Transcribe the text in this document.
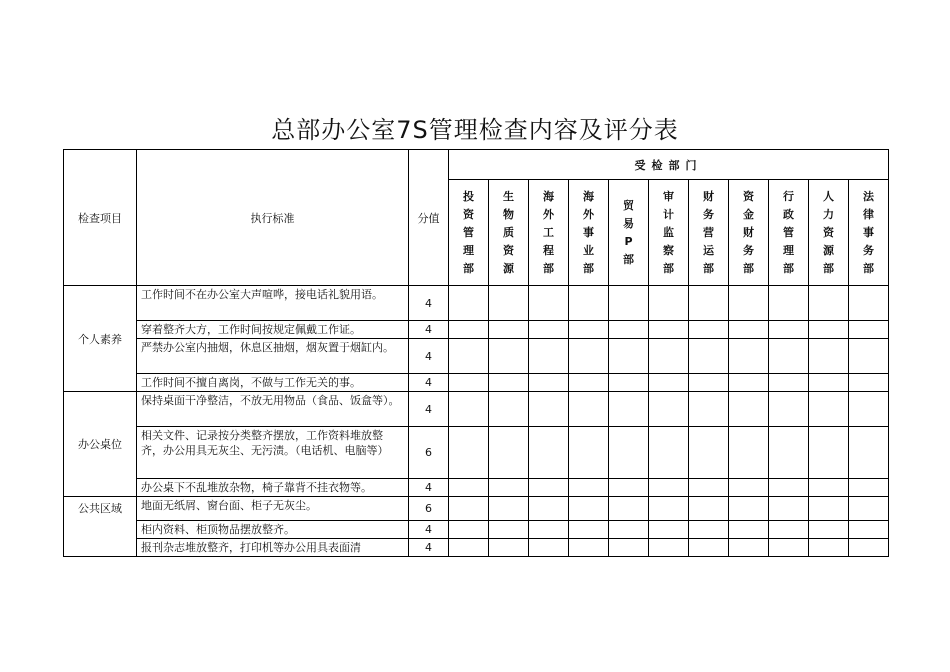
总部办公室7S管理检查内容及评分表
检查项目	执行标准	分值	受检部门										
			投资管理部	生物质资源	海外工程部	海外事业部	贸易P部	审计监察部	财务营运部	资金财务部	行政管理部	人力资源部	法律事务部
个人素养	工作时间不在办公室大声喧哗，接电话礼貌用语。	4											
	穿着整齐大方，工作时间按规定佩戴工作证。	4											
	严禁办公室内抽烟，休息区抽烟，烟灰置于烟缸内。	4											
	工作时间不擅自离岗，不做与工作无关的事。	4											
办公桌位	保持桌面干净整洁，不放无用物品（食品、饭盒等）。	4											
	相关文件、记录按分类整齐摆放，工作资料堆放整齐，办公用具无灰尘、无污渍。（电话机、电脑等）	6											
	办公桌下不乱堆放杂物，椅子靠背不挂衣物等。	4											
公共区域	地面无纸屑、窗台面、柜子无灰尘。	6											
	柜内资料、柜顶物品摆放整齐。	4											
	报刊杂志堆放整齐，打印机等办公用具表面清	4											
